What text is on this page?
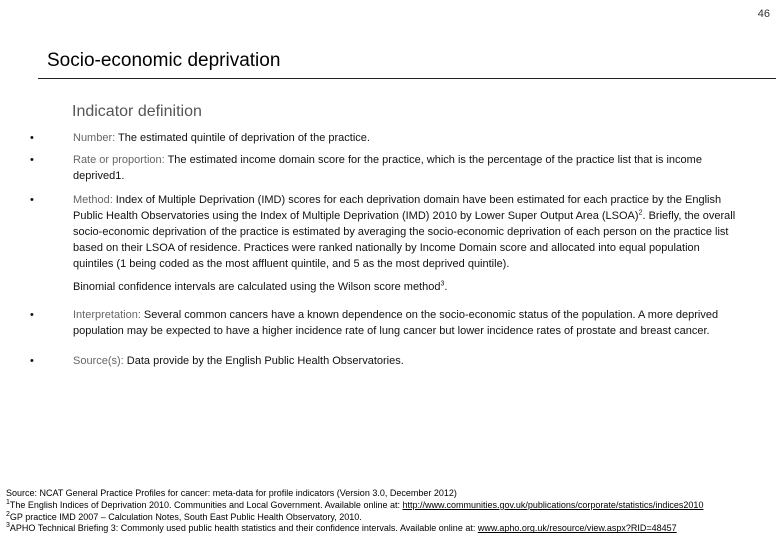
46
Socio-economic deprivation
Indicator definition
•	Number: The estimated quintile of deprivation of the practice.
•	Rate or proportion: The estimated income domain score for the practice, which is the percentage of the practice list that is income deprived1.
•	Method: Index of Multiple Deprivation (IMD) scores for each deprivation domain have been estimated for each practice by the English Public Health Observatories using the Index of Multiple Deprivation (IMD) 2010 by Lower Super Output Area (LSOA)$^2$. Briefly, the overall socio-economic deprivation of the practice is estimated by averaging the socio-economic deprivation of each person on the practice list based on their LSOA of residence. Practices were ranked nationally by Income Domain score and allocated into equal population quintiles (1 being coded as the most affluent quintile, and 5 as the most deprived quintile).
Binomial confidence intervals are calculated using the Wilson score method$^3$.
•	Interpretation: Several common cancers have a known dependence on the socio-economic status of the population. A more deprived population may be expected to have a higher incidence rate of lung cancer but lower incidence rates of prostate and breast cancer.
•	Source(s): Data provide by the English Public Health Observatories.
Source: NCAT General Practice Profiles for cancer: meta-data for profile indicators (Version 3.0, December 2012)
$^1$The English Indices of Deprivation 2010. Communities and Local Government. Available online at: http://www.communities.gov.uk/publications/corporate/statistics/indices2010
$^2$GP practice IMD 2007 – Calculation Notes, South East Public Health Observatory, 2010.
$^3$APHO Technical Briefing 3: Commonly used public health statistics and their confidence intervals. Available online at: www.apho.org.uk/resource/view.aspx?RID=48457
